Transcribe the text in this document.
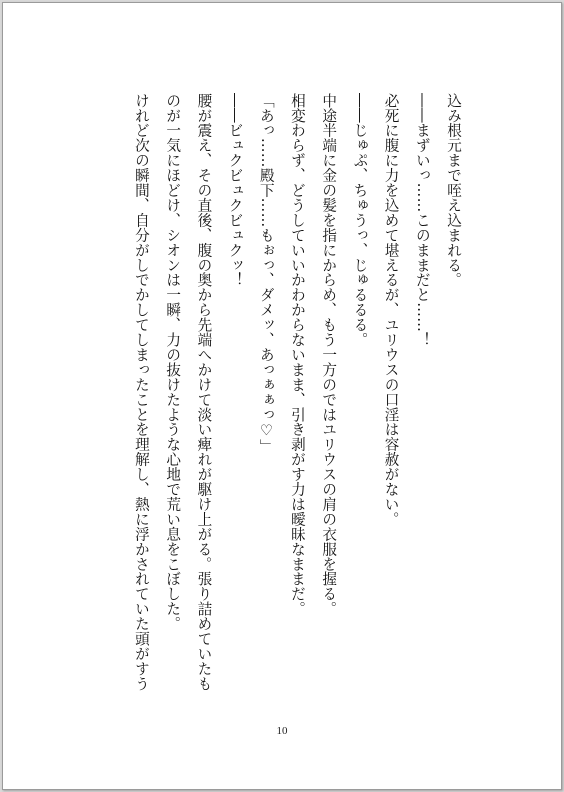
込み根元まで咥え込まれる。

――まずいっ……このままだと……！

必死に腹に力を込めて堪えるが、ユリウスの口淫は容赦がない。

――じゅぷ、ちゅうっ、じゅるるる。

中途半端に金の髪を指にからめ、もう一方のではユリウスの肩の衣服を握る。

相変わらず、どうしていいかわからないまま、引き剥がす力は曖昧なままだ。

「あっ……殿下……もぉっ、ダメッ、あっぁぁっ♡」

――ビュクビュクビュクッ！

腰が震え、その直後、腹の奥から先端へかけて淡い痺れが駆け上がる。張り詰めていたも

のが一気にほどけ、シオンは一瞬、力の抜けたような心地で荒い息をこぼした。

けれど次の瞬間、自分がしでかしてしまったことを理解し、熱に浮かされていた頭がすう

10
